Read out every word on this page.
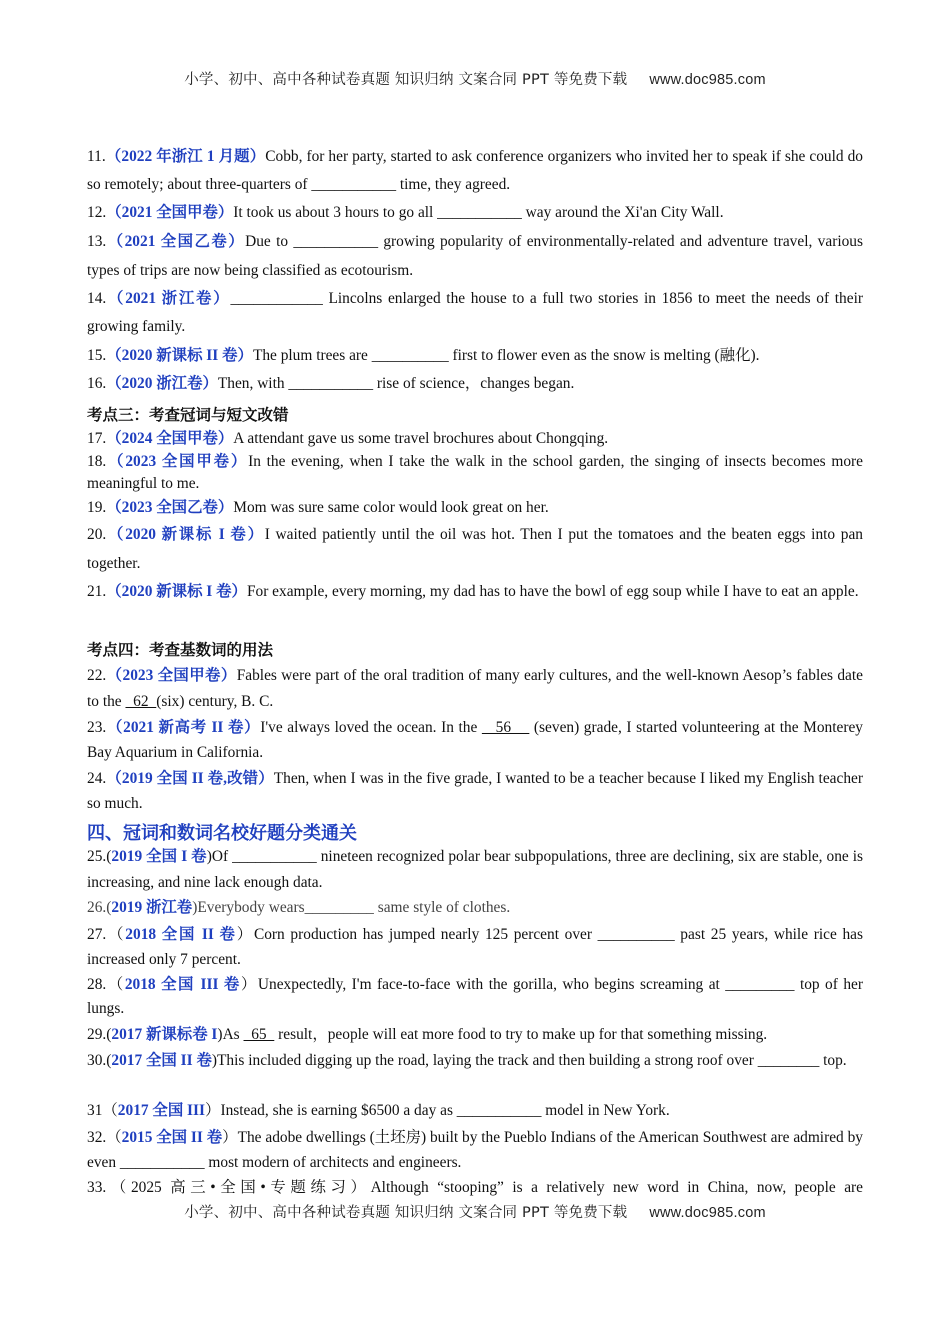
小学、初中、高中各种试卷真题 知识归纳 文案合同 PPT 等免费下载 www.doc985.com
考点三：考查冠词与短文改错
考点四：考查基数词的用法
四、冠词和数词名校好题分类通关
11.（2022 年浙江 1 月题）Cobb, for her party, started to ask conference organizers who invited her to speak if she could do so remotely; about three-quarters of ___________ time, they agreed.
12.（2021 全国甲卷）It took us about 3 hours to go all ___________ way around the Xi'an City Wall.
13.（2021 全国乙卷）Due to ___________ growing popularity of environmentally-related and adventure travel, various types of trips are now being classified as ecotourism.
14.（2021 浙江卷）____________ Lincolns enlarged the house to a full two stories in 1856 to meet the needs of their growing family.
15.（2020 新课标 II 卷）The plum trees are __________ first to flower even as the snow is melting (融化).
16.（2020 浙江卷）Then, with ___________ rise of science，changes began.
17.（2024 全国甲卷）A attendant gave us some travel brochures about Chongqing.
18.（2023 全国甲卷）In the evening, when I take the walk in the school garden, the singing of insects becomes more meaningful to me.
19.（2023 全国乙卷）Mom was sure same color would look great on her.
20.（2020 新课标 I 卷）I waited patiently until the oil was hot. Then I put the tomatoes and the beaten eggs into pan together.
21.（2020 新课标 I 卷）For example, every morning, my dad has to have the bowl of egg soup while I have to eat an apple.
22.（2023 全国甲卷）Fables were part of the oral tradition of many early cultures, and the well-known Aesop’s fables date to the   62  (six) century, B. C.
23.（2021 新高考 II 卷）I've always loved the ocean. In the    56     (seven) grade, I started volunteering at the Monterey Bay Aquarium in California.
24.（2019 全国 II 卷,改错）Then, when I was in the five grade, I wanted to be a teacher because I liked my English teacher so much.
25.(2019 全国 I 卷)Of ___________ nineteen recognized polar bear subpopulations, three are declining, six are stable, one is increasing, and nine lack enough data.
26.(2019 浙江卷)Everybody wears_________ same style of clothes.
27.（2018 全国 II 卷）Corn production has jumped nearly 125 percent over __________ past 25 years, while rice has increased only 7 percent.
28.（2018 全国 III 卷）Unexpectedly, I'm face-to-face with the gorilla, who begins screaming at _________ top of her lungs.
29.(2017 新课标卷 I)As   65   result，people will eat more food to try to make up for that something missing.
30.(2017 全国 II 卷)This included digging up the road, laying the track and then building a strong roof over ________ top.
31（2017 全国 III）Instead, she is earning $6500 a day as ___________ model in New York.
32.（2015 全国 II 卷）The adobe dwellings (土坯房) built by the Pueblo Indians of the American Southwest are admired by even ___________ most modern of architects and engineers.
33.（2025 高三•全国•专题练习）Although “stooping” is a relatively new word in China, now, people are
小学、初中、高中各种试卷真题 知识归纳 文案合同 PPT 等免费下载 www.doc985.com
